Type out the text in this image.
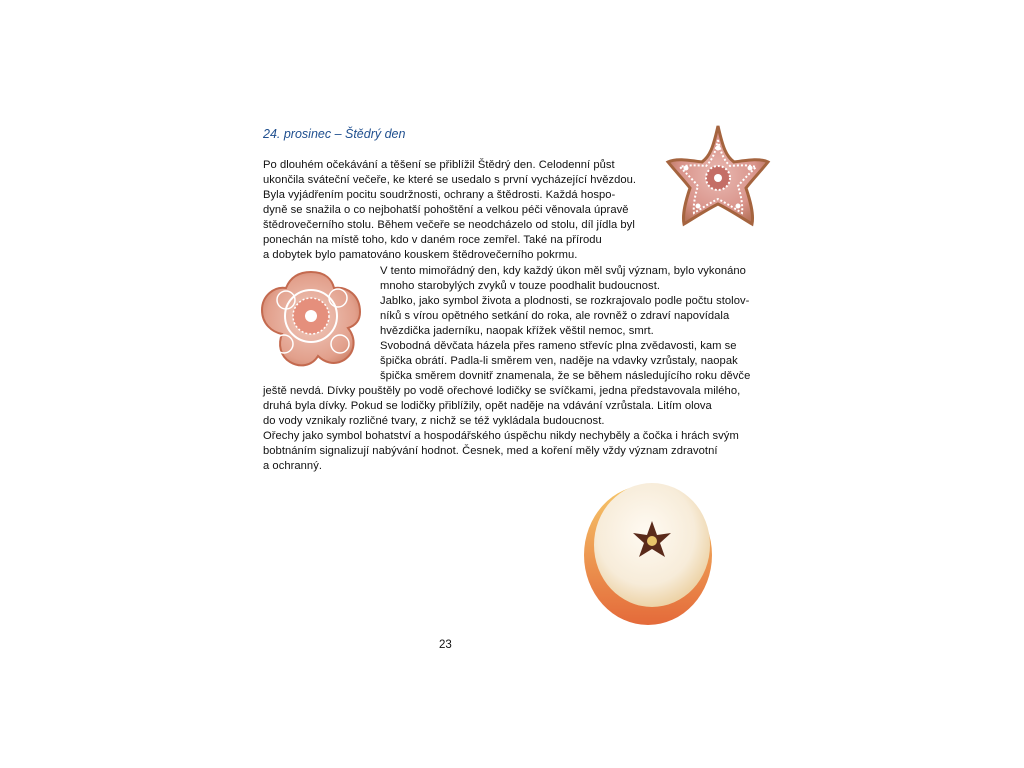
24. prosinec – Štědrý den
Po dlouhém očekávání a těšení se přiblížil Štědrý den. Celodenní půst
ukončila sváteční večeře, ke které se usedalo s první vycházející hvězdou.
Byla vyjádřením pocitu soudržnosti, ochrany a štědrosti. Každá hospo-
dyně se snažila o co nejbohatší pohoštění a velkou péči věnovala úpravě
štědrovečerního stolu. Během večeře se neodcházelo od stolu, díl jídla byl
ponechán na místě toho, kdo v daném roce zemřel. Také na přírodu
a dobytek bylo pamatováno kouskem štědrovečerního pokrmu.
V tento mimořádný den, kdy každý úkon měl svůj význam, bylo vykonáno
mnoho starobylých zvyků v touze poodhalit budoucnost.
Jablko, jako symbol života a plodnosti, se rozkrajovalo podle počtu stolov-
níků s vírou opětného setkání do roka, ale rovněž o zdraví napovídala
hvězdička jaderníku, naopak křížek věštil nemoc, smrt.
Svobodná děvčata házela přes rameno střevíc plna zvědavosti, kam se
špička obrátí. Padla-li směrem ven, naděje na vdavky vzrůstaly, naopak
špička směrem dovnitř znamenala, že se během následujícího roku děvče
ještě nevdá. Dívky pouštěly po vodě ořechové lodičky se svíčkami, jedna představovala milého,
druhá byla dívky. Pokud se lodičky přiblížily, opět naděje na vdávání vzrůstala. Litím olova
do vody vznikaly rozličné tvary, z nichž se též vykládala budoucnost.
Ořechy jako symbol bohatství a hospodářského úspěchu nikdy nechyběly a čočka i hrách svým
bobtnáním signalizují nabývání hodnot. Česnek, med a koření měly vždy význam zdravotní
a ochranný.
23
